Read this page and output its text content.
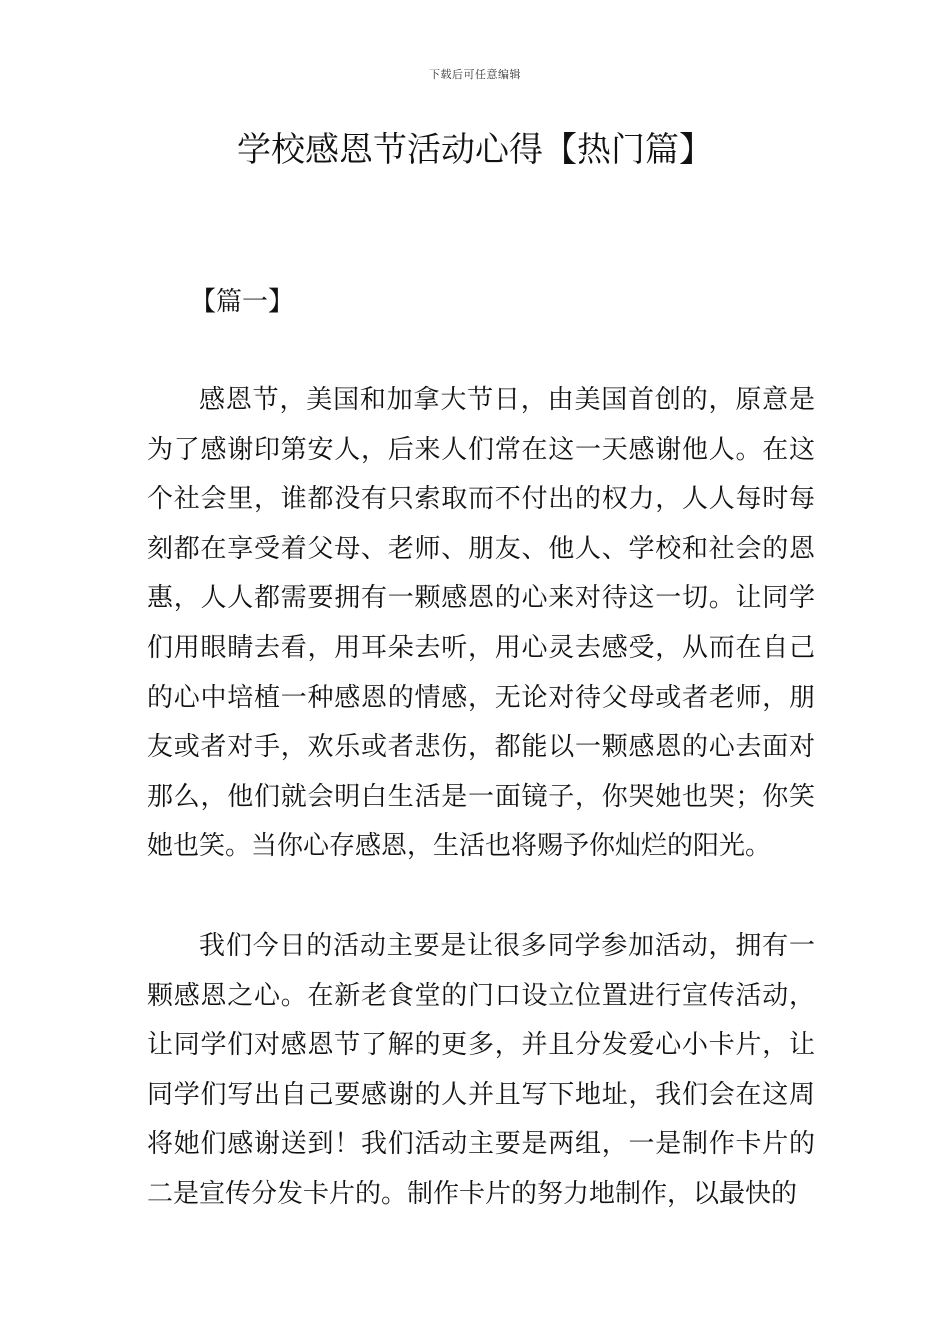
下载后可任意编辑
学校感恩节活动心得【热门篇】
【篇一】

感恩节，美国和加拿大节日，由美国首创的，原意是为了感谢印第安人，后来人们常在这一天感谢他人。在这个社会里，谁都没有只索取而不付出的权力，人人每时每刻都在享受着父母、老师、朋友、他人、学校和社会的恩惠，人人都需要拥有一颗感恩的心来对待这一切。让同学们用眼睛去看，用耳朵去听，用心灵去感受，从而在自己的心中培植一种感恩的情感，无论对待父母或者老师，朋友或者对手，欢乐或者悲伤，都能以一颗感恩的心去面对那么，他们就会明白生活是一面镜子，你哭她也哭；你笑她也笑。当你心存感恩，生活也将赐予你灿烂的阳光。

我们今日的活动主要是让很多同学参加活动，拥有一颗感恩之心。在新老食堂的门口设立位置进行宣传活动，让同学们对感恩节了解的更多，并且分发爱心小卡片，让同学们写出自己要感谢的人并且写下地址，我们会在这周将她们感谢送到！我们活动主要是两组，一是制作卡片的二是宣传分发卡片的。制作卡片的努力地制作，以最快的
